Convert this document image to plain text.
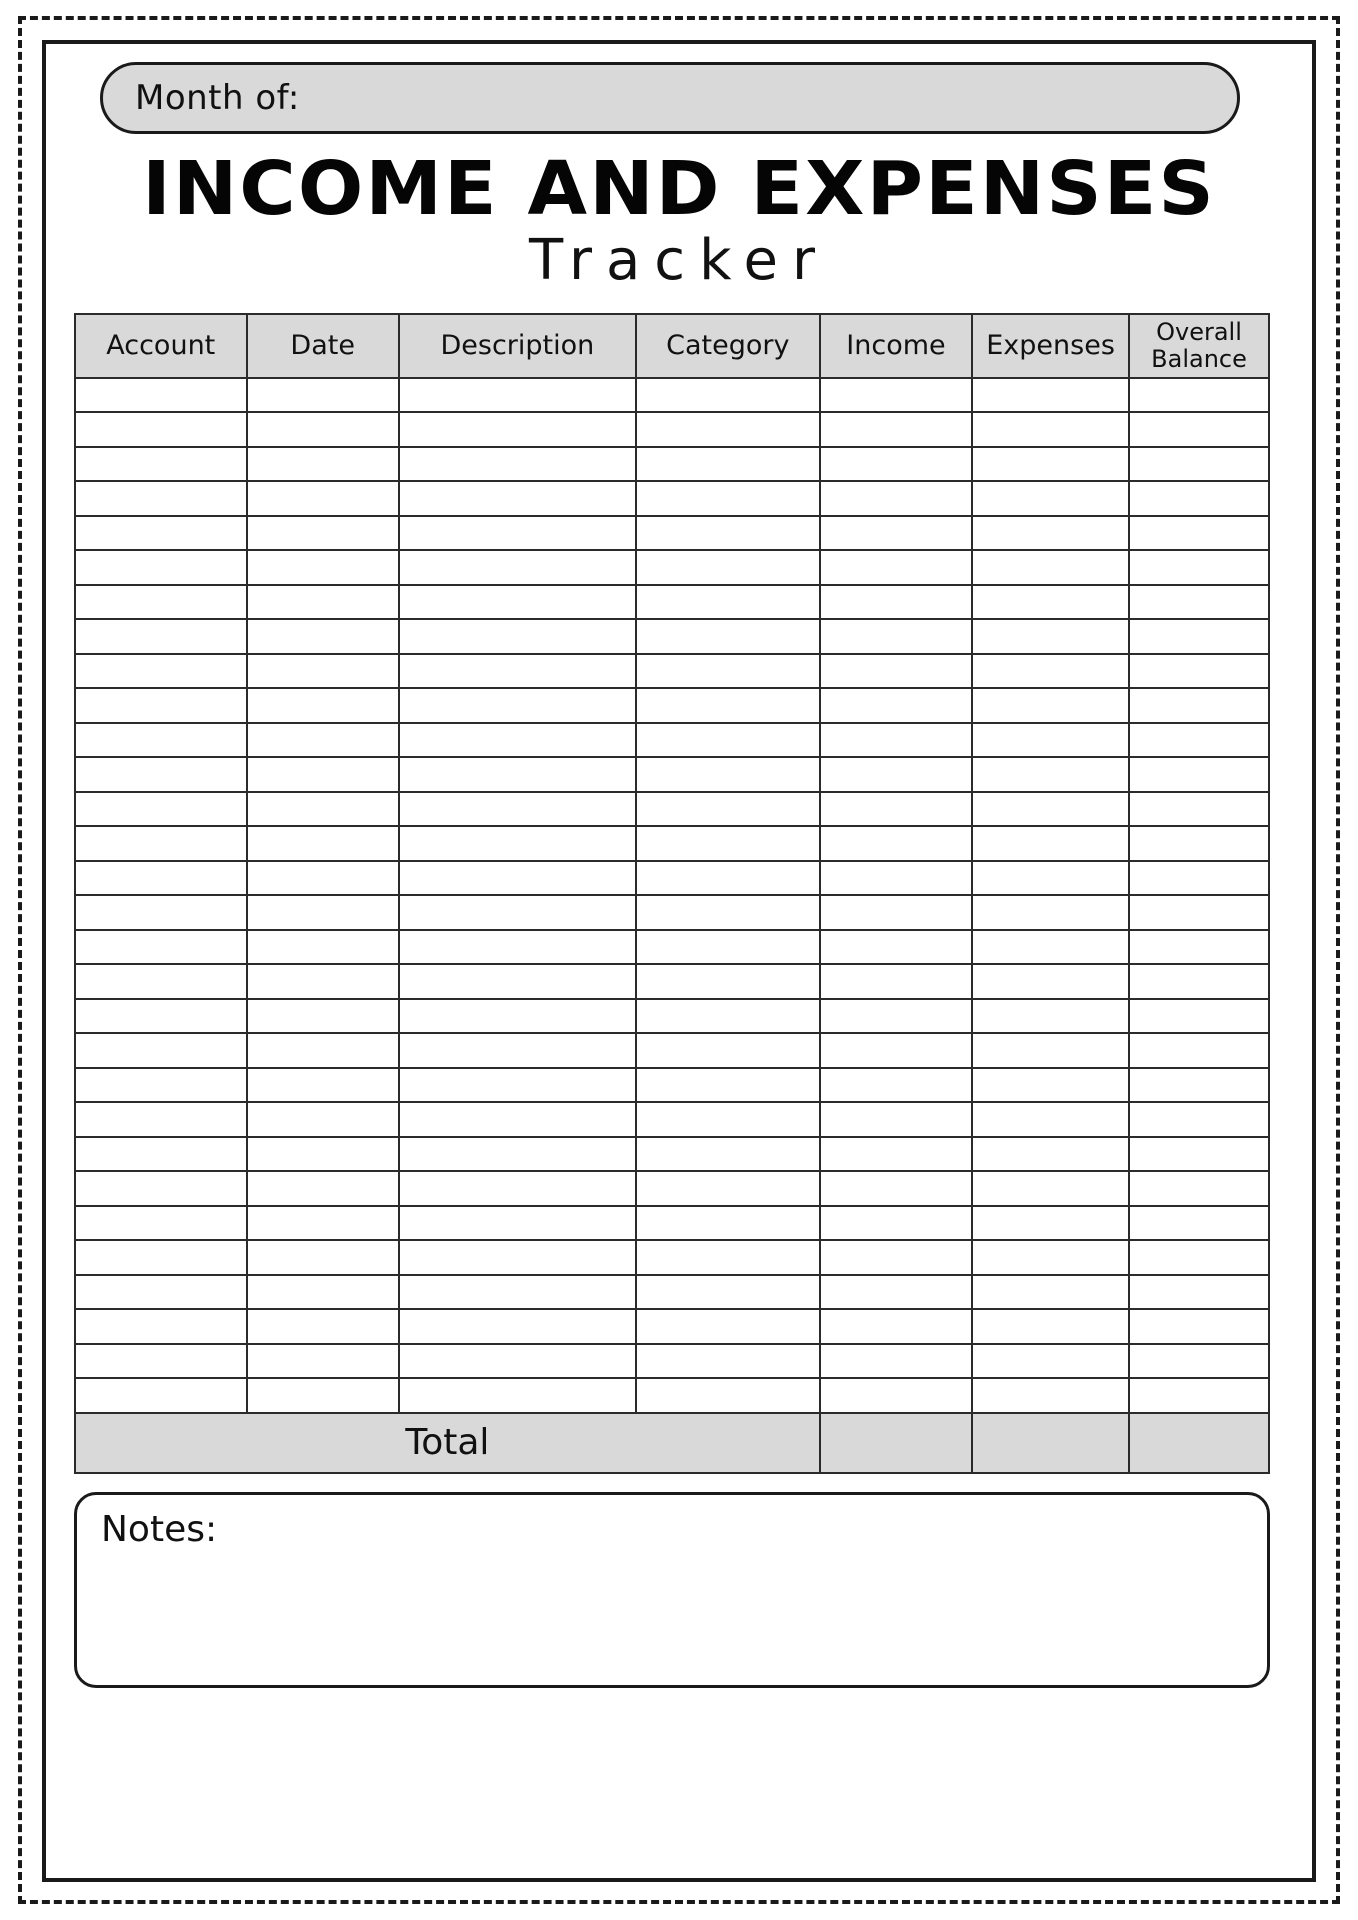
Month of:
INCOME AND EXPENSES
Tracker
Account	Date	Description	Category	Income	Expenses	Overall
Balance

Total						
Notes:
